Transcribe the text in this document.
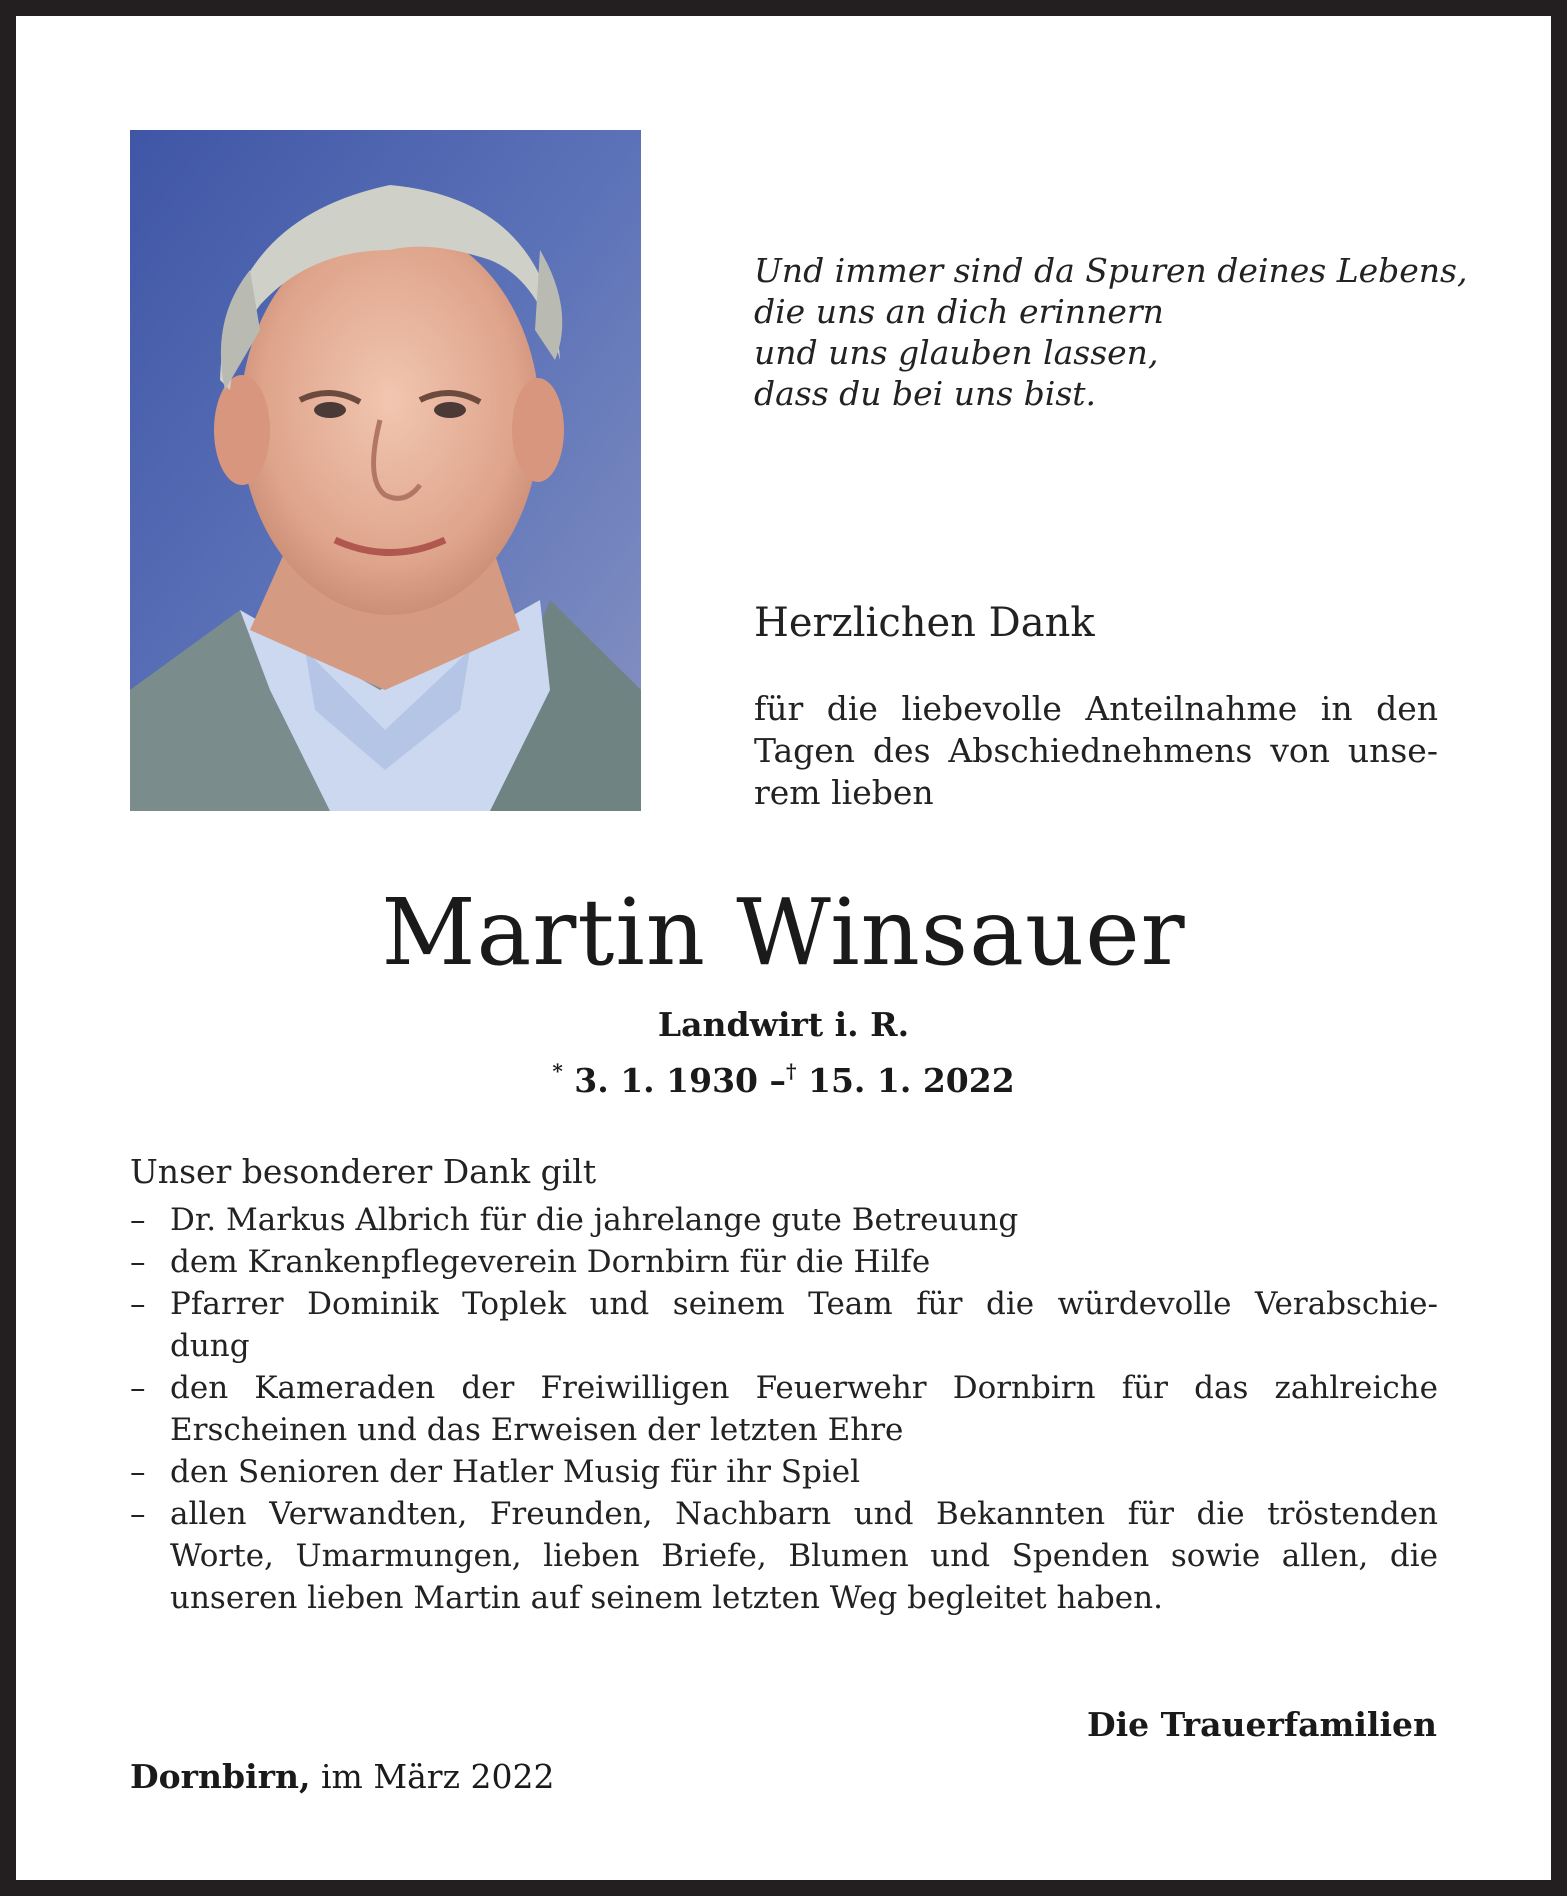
Und immer sind da Spuren deines Lebens,
die uns an dich erinnern
und uns glauben lassen,
dass du bei uns bist.
Herzlichen Dank
für die liebevolle Anteilnahme in den
Tagen des Abschiednehmens von unse-
rem lieben
Martin Winsauer
Landwirt i. R.
* 3. 1. 1930 –† 15. 1. 2022
Unser besonderer Dank gilt
– Dr. Markus Albrich für die jahrelange gute Betreuung
– dem Krankenpflegeverein Dornbirn für die Hilfe
– Pfarrer Dominik Toplek und seinem Team für die würdevolle Verabschie-
dung
– den Kameraden der Freiwilligen Feuerwehr Dornbirn für das zahlreiche
Erscheinen und das Erweisen der letzten Ehre
– den Senioren der Hatler Musig für ihr Spiel
– allen Verwandten, Freunden, Nachbarn und Bekannten für die tröstenden
Worte, Umarmungen, lieben Briefe, Blumen und Spenden sowie allen, die
unseren lieben Martin auf seinem letzten Weg begleitet haben.
Die Trauerfamilien
Dornbirn, im März 2022
